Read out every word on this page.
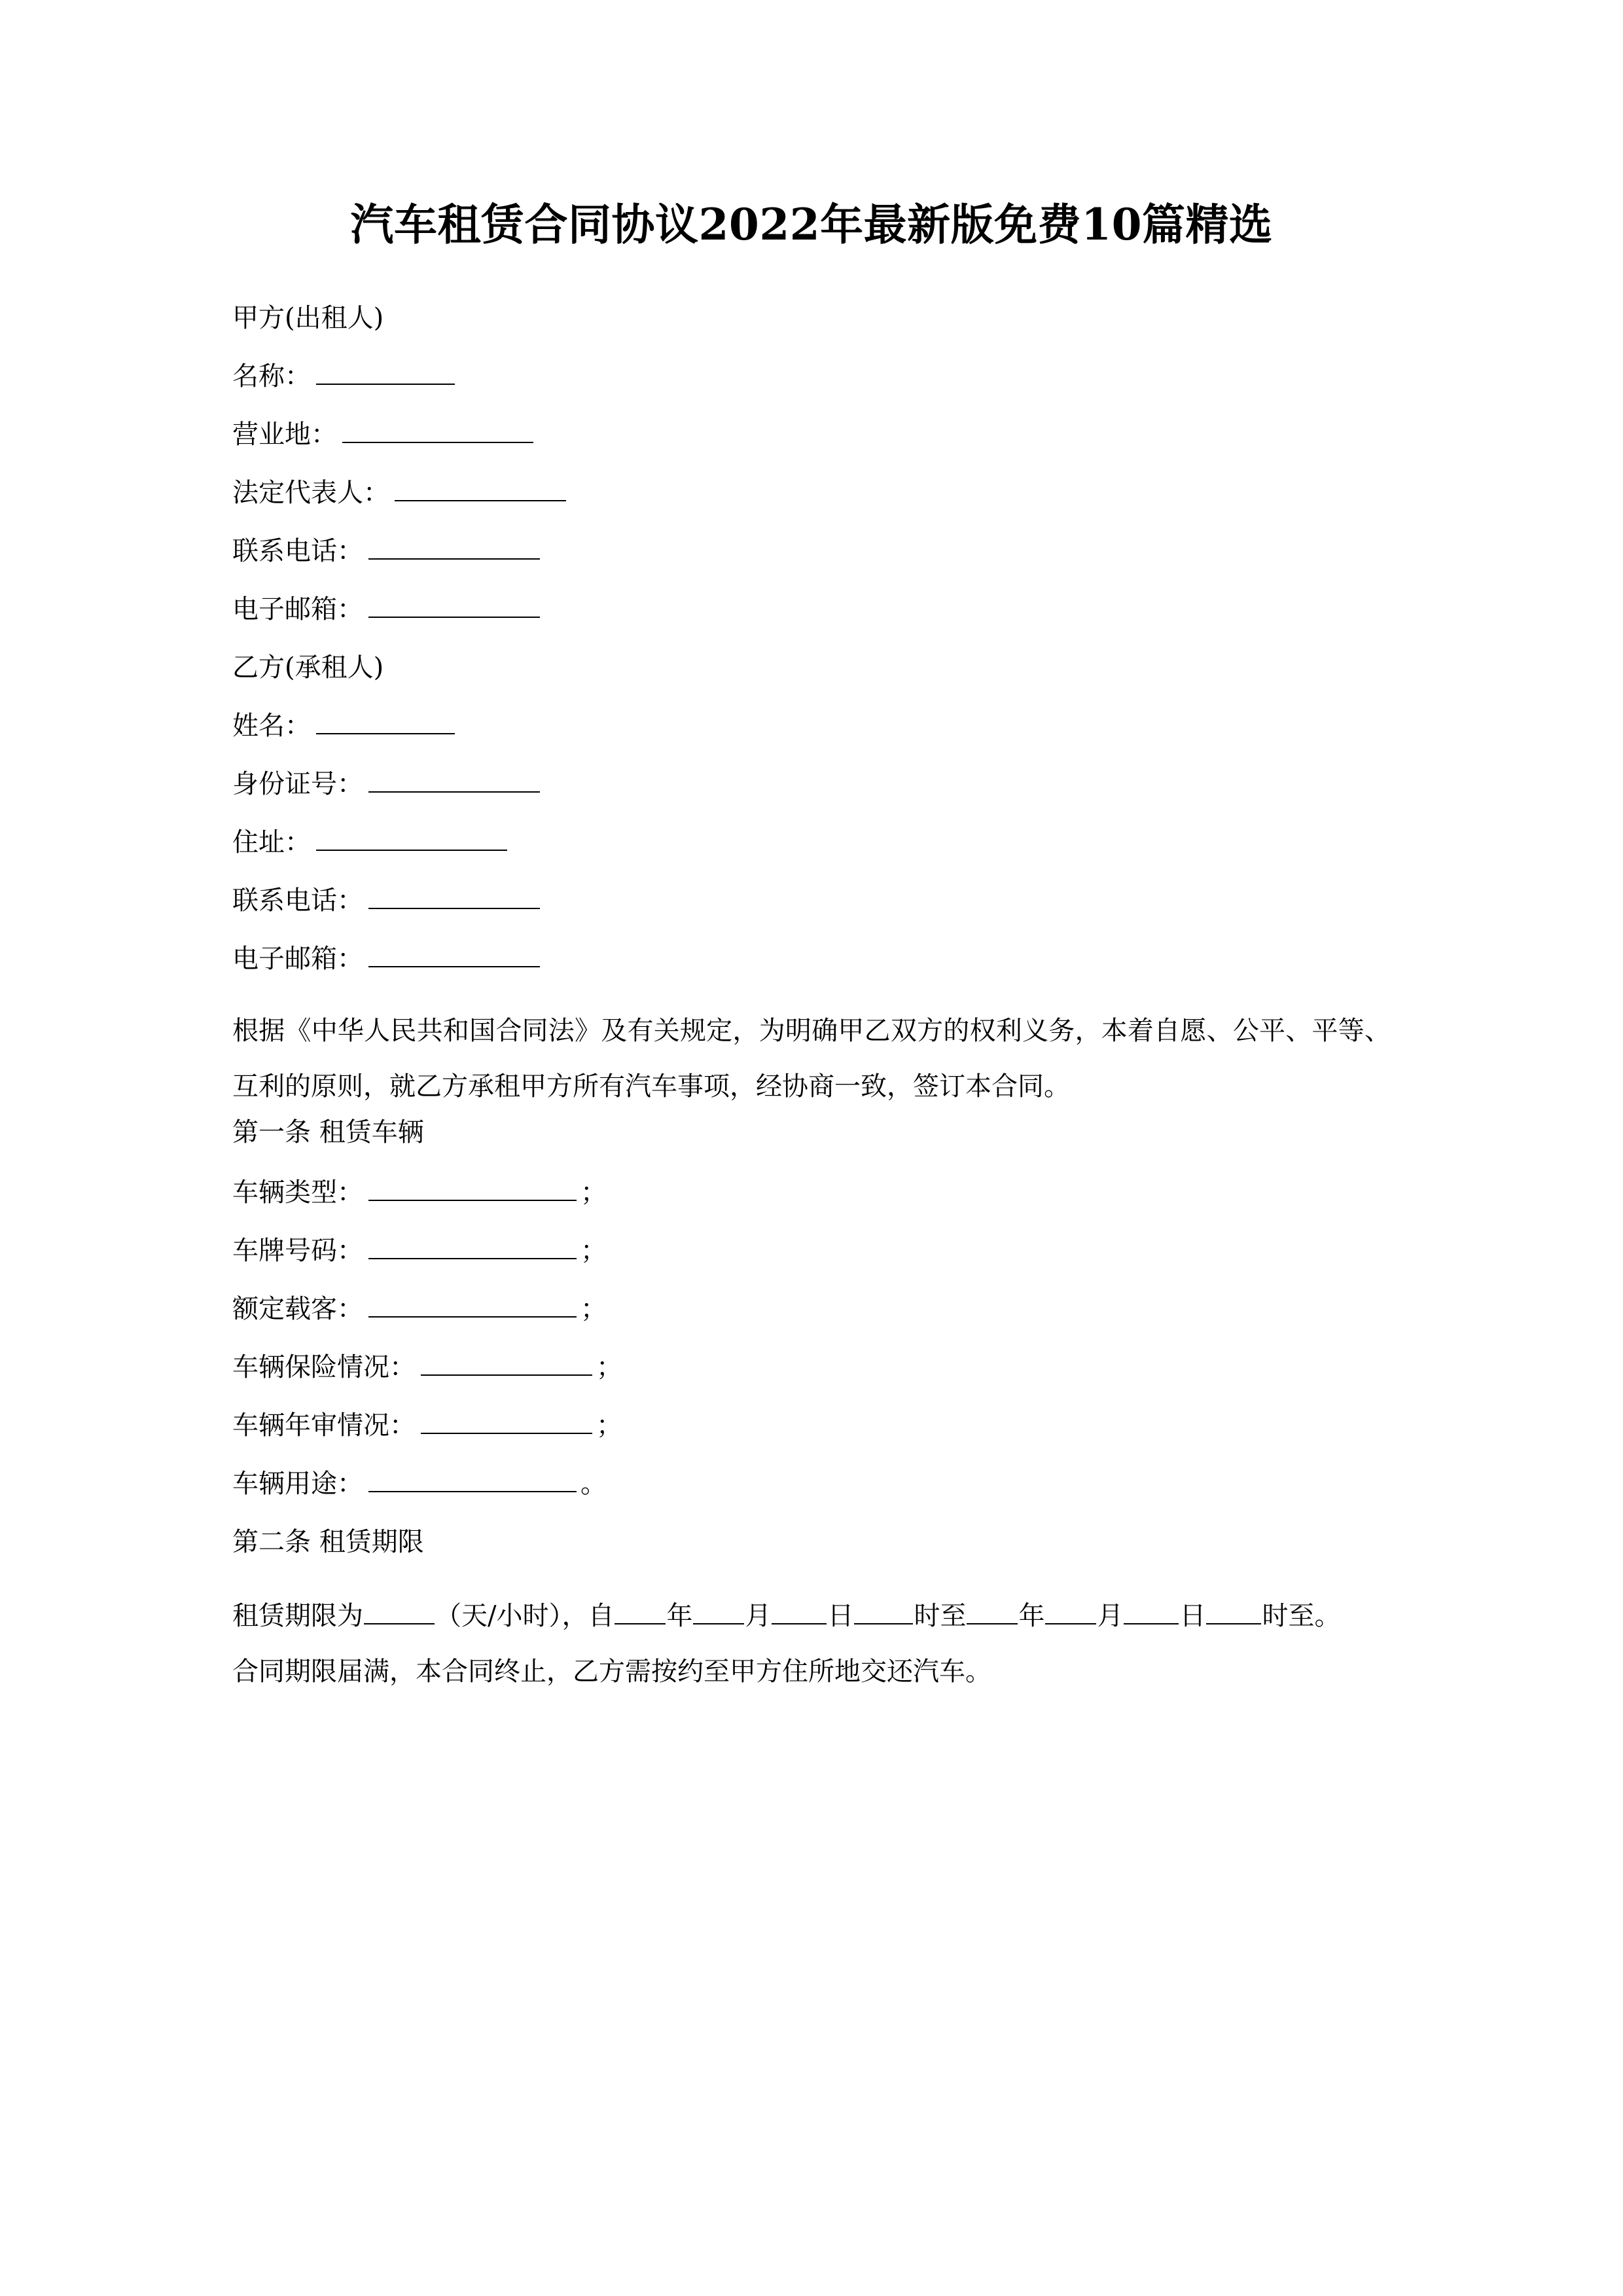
汽车租赁合同协议2022年最新版免费10篇精选
甲方(出租人)
名称：
营业地：
法定代表人：
联系电话：
电子邮箱：
乙方(承租人)
姓名：
身份证号：
住址：
联系电话：
电子邮箱：
根据《中华人民共和国合同法》及有关规定，为明确甲乙双方的权利义务，本着自愿、公平、平等、互利的原则，就乙方承租甲方所有汽车事项，经协商一致，签订本合同。
第一条 租赁车辆
车辆类型：	；
车牌号码：	；
额定载客：	；
车辆保险情况：	；
车辆年审情况：	；
车辆用途：	。
第二条 租赁期限
租赁期限为	（天/小时），自 年 月 日 时至 年 月 日 时至。
合同期限届满，本合同终止，乙方需按约至甲方住所地交还汽车。
